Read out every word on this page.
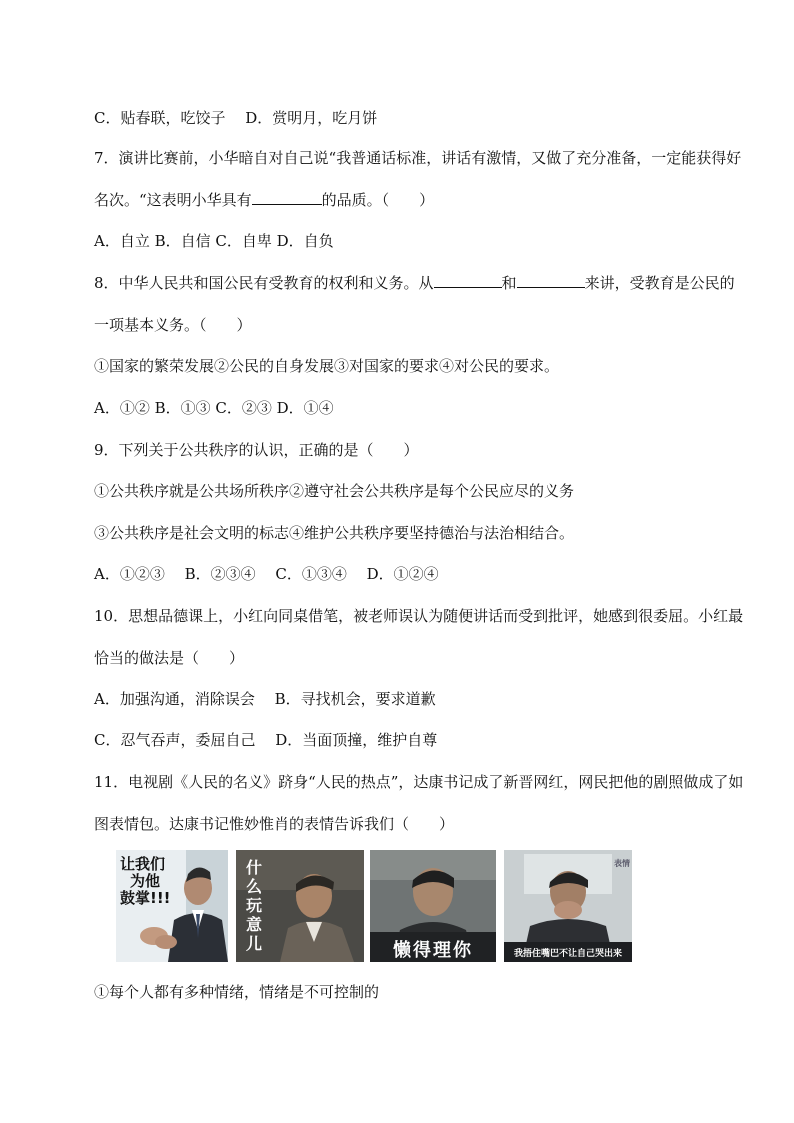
C．贴春联，吃饺子　 D．赏明月，吃月饼
7．演讲比赛前，小华暗自对自己说“我普通话标准，讲话有激情，又做了充分准备，一定能获得好
名次。“这表明小华具有	的品质。（　　）
A．自立 B．自信 C．自卑 D．自负
8．中华人民共和国公民有受教育的权利和义务。从	和	来讲，受教育是公民的
一项基本义务。（　　）
①国家的繁荣发展②公民的自身发展③对国家的要求④对公民的要求。
A．①② B．①③ C．②③ D．①④
9．下列关于公共秩序的认识，正确的是（　　）
①公共秩序就是公共场所秩序②遵守社会公共秩序是每个公民应尽的义务
③公共秩序是社会文明的标志④维护公共秩序要坚持德治与法治相结合。
A．①②③　 B．②③④　 C．①③④　 D．①②④
10．思想品德课上，小红向同桌借笔，被老师误认为随便讲话而受到批评，她感到很委屈。小红最
恰当的做法是（　　）
A．加强沟通，消除误会　 B．寻找机会，要求道歉
C．忍气吞声，委屈自己　 D．当面顶撞，维护自尊
11．电视剧《人民的名义》跻身“人民的热点”，达康书记成了新晋网红，网民把他的剧照做成了如
图表情包。达康书记惟妙惟肖的表情告诉我们（　　）
让我们
为他
鼓掌!!!
什
么
玩
意
儿	懒得理你
表情
我捂住嘴巴不让自己哭出来
①每个人都有多种情绪，情绪是不可控制的
